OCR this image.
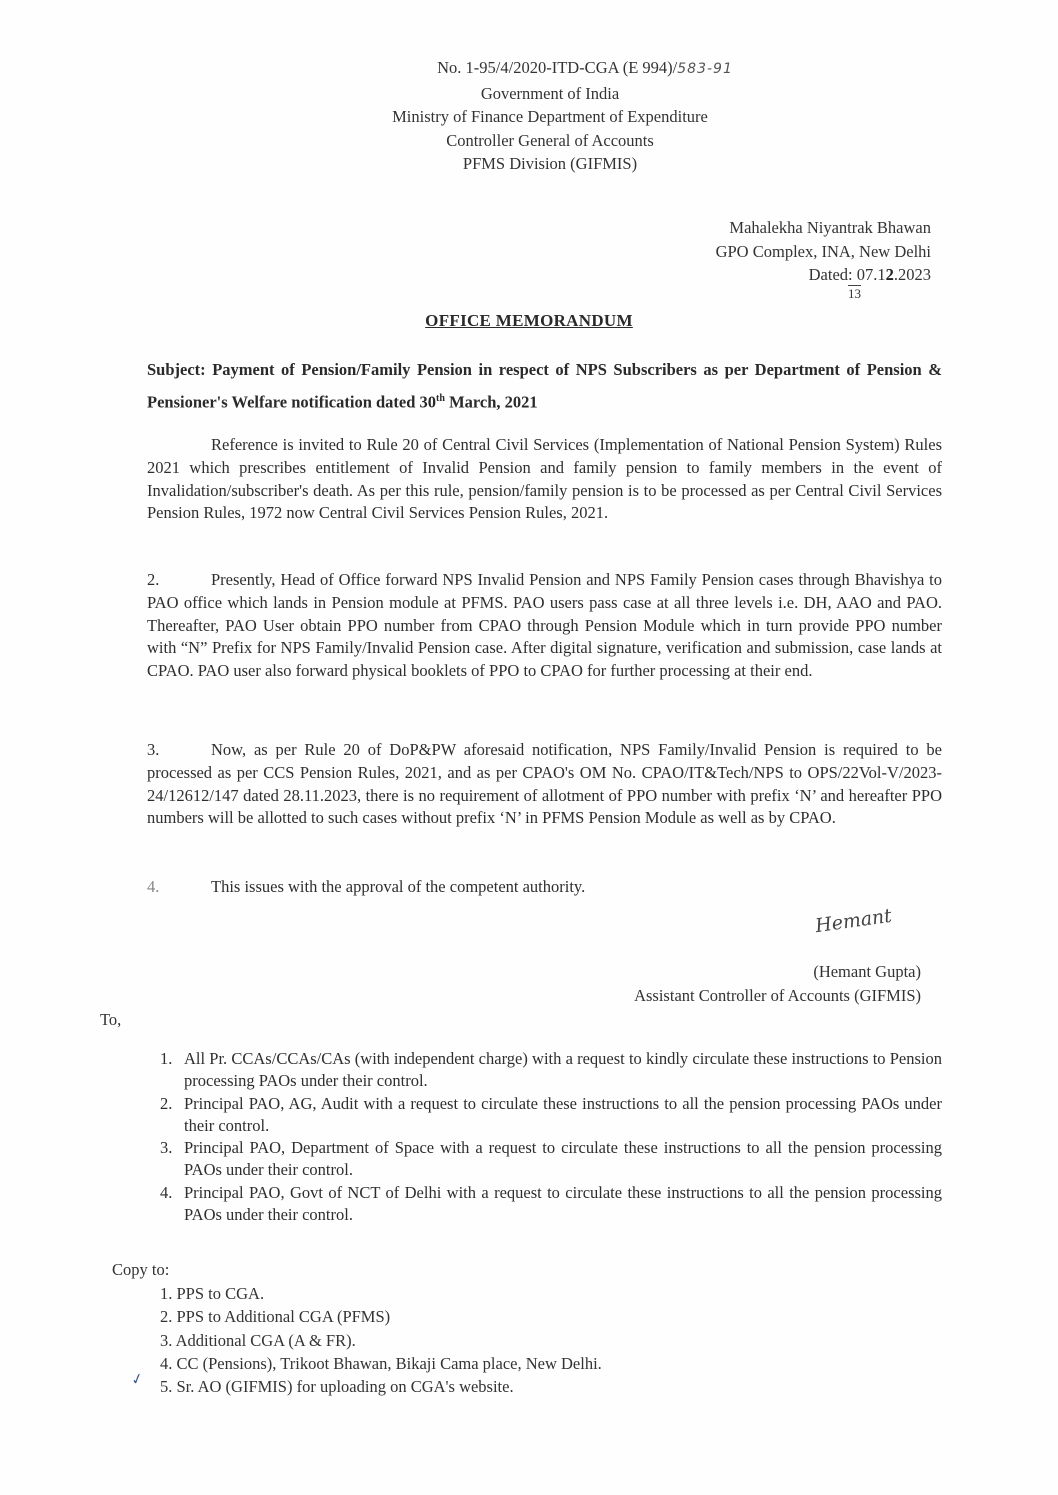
No. 1-95/4/2020-ITD-CGA (E 994)/583-91
Government of India
Ministry of Finance Department of Expenditure
Controller General of Accounts
PFMS Division (GIFMIS)
Mahalekha Niyantrak Bhawan
GPO Complex, INA, New Delhi
Dated: 07.12.2023
13
OFFICE MEMORANDUM
Subject: Payment of Pension/Family Pension in respect of NPS Subscribers as per Department of Pension & Pensioner's Welfare notification dated 30th March, 2021
Reference is invited to Rule 20 of Central Civil Services (Implementation of National Pension System) Rules 2021 which prescribes entitlement of Invalid Pension and family pension to family members in the event of Invalidation/subscriber's death. As per this rule, pension/family pension is to be processed as per Central Civil Services Pension Rules, 1972 now Central Civil Services Pension Rules, 2021.
2.	Presently, Head of Office forward NPS Invalid Pension and NPS Family Pension cases through Bhavishya to PAO office which lands in Pension module at PFMS. PAO users pass case at all three levels i.e. DH, AAO and PAO. Thereafter, PAO User obtain PPO number from CPAO through Pension Module which in turn provide PPO number with “N” Prefix for NPS Family/Invalid Pension case. After digital signature, verification and submission, case lands at CPAO. PAO user also forward physical booklets of PPO to CPAO for further processing at their end.
3.	Now, as per Rule 20 of DoP&PW aforesaid notification, NPS Family/Invalid Pension is required to be processed as per CCS Pension Rules, 2021, and as per CPAO's OM No. CPAO/IT&Tech/NPS to OPS/22Vol-V/2023-24/12612/147 dated 28.11.2023, there is no requirement of allotment of PPO number with prefix ‘N’ and hereafter PPO numbers will be allotted to such cases without prefix ‘N’ in PFMS Pension Module as well as by CPAO.
4.	This issues with the approval of the competent authority.
Hemant
(Hemant Gupta)
Assistant Controller of Accounts (GIFMIS)
To,
1. All Pr. CCAs/CCAs/CAs (with independent charge) with a request to kindly circulate these instructions to Pension processing PAOs under their control.
2. Principal PAO, AG, Audit with a request to circulate these instructions to all the pension processing PAOs under their control.
3. Principal PAO, Department of Space with a request to circulate these instructions to all the pension processing PAOs under their control.
4. Principal PAO, Govt of NCT of Delhi with a request to circulate these instructions to all the pension processing PAOs under their control.
Copy to:
1. PPS to CGA.
2. PPS to Additional CGA (PFMS)
3. Additional CGA (A & FR).
4. CC (Pensions), Trikoot Bhawan, Bikaji Cama place, New Delhi.
5. Sr. AO (GIFMIS) for uploading on CGA's website.
✓
